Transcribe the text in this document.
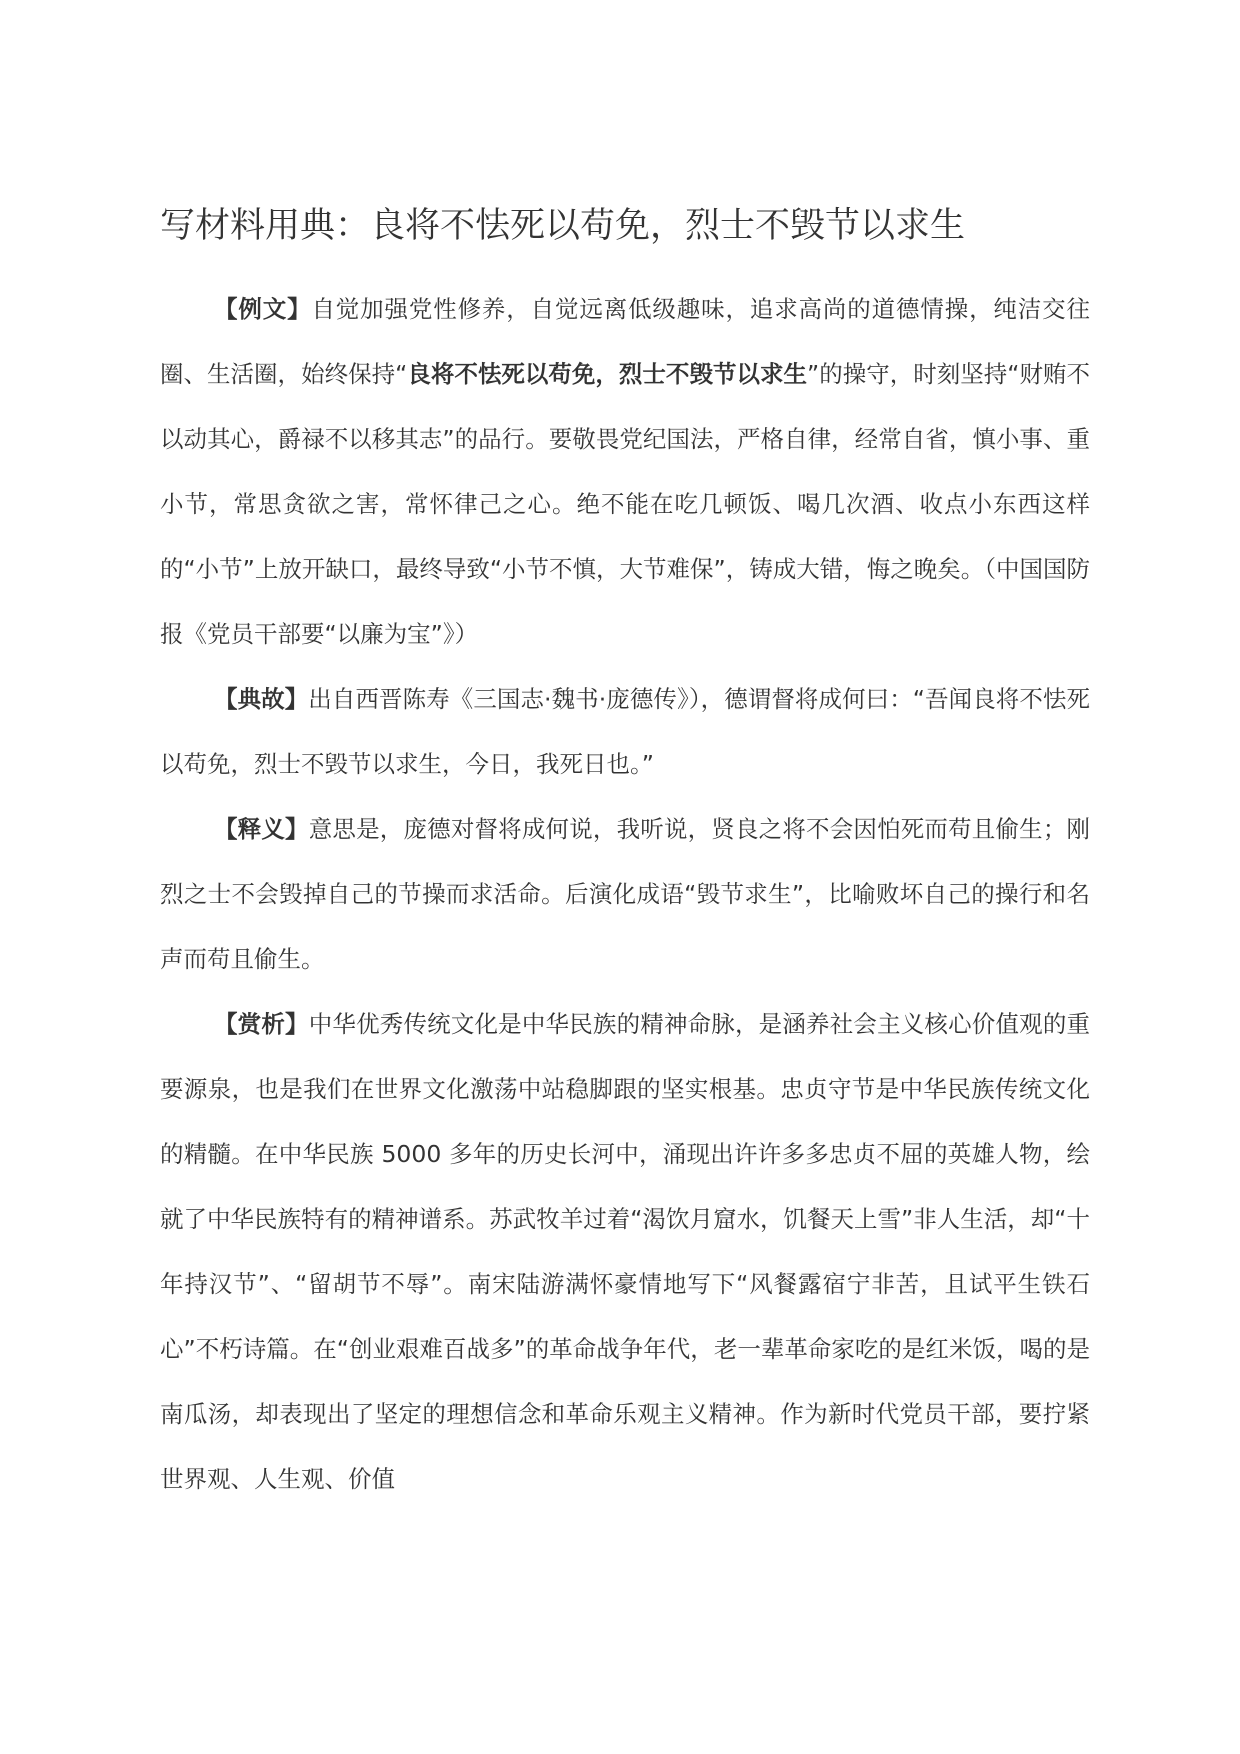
写材料用典：良将不怯死以苟免，烈士不毁节以求生

【例文】自觉加强党性修养，自觉远离低级趣味，追求高尚的道德情操，纯洁交往圈、生活圈，始终保持“良将不怯死以苟免，烈士不毁节以求生”的操守，时刻坚持“财贿不以动其心，爵禄不以移其志”的品行。要敬畏党纪国法，严格自律，经常自省，慎小事、重小节，常思贪欲之害，常怀律己之心。绝不能在吃几顿饭、喝几次酒、收点小东西这样的“小节”上放开缺口，最终导致“小节不慎，大节难保”，铸成大错，悔之晚矣。（中国国防报《党员干部要“以廉为宝”》）

【典故】出自西晋陈寿《三国志·魏书·庞德传》），德谓督将成何曰：“吾闻良将不怯死以苟免，烈士不毁节以求生，今日，我死日也。”

【释义】意思是，庞德对督将成何说，我听说，贤良之将不会因怕死而苟且偷生；刚烈之士不会毁掉自己的节操而求活命。后演化成语“毁节求生”，比喻败坏自己的操行和名声而苟且偷生。

【赏析】中华优秀传统文化是中华民族的精神命脉，是涵养社会主义核心价值观的重要源泉，也是我们在世界文化激荡中站稳脚跟的坚实根基。忠贞守节是中华民族传统文化的精髓。在中华民族 5000 多年的历史长河中，涌现出许许多多忠贞不屈的英雄人物，绘就了中华民族特有的精神谱系。苏武牧羊过着“渴饮月窟水，饥餐天上雪”非人生活，却“十年持汉节”、“留胡节不辱”。南宋陆游满怀豪情地写下“风餐露宿宁非苦，且试平生铁石心”不朽诗篇。在“创业艰难百战多”的革命战争年代，老一辈革命家吃的是红米饭，喝的是南瓜汤，却表现出了坚定的理想信念和革命乐观主义精神。作为新时代党员干部，要拧紧世界观、人生观、价值
